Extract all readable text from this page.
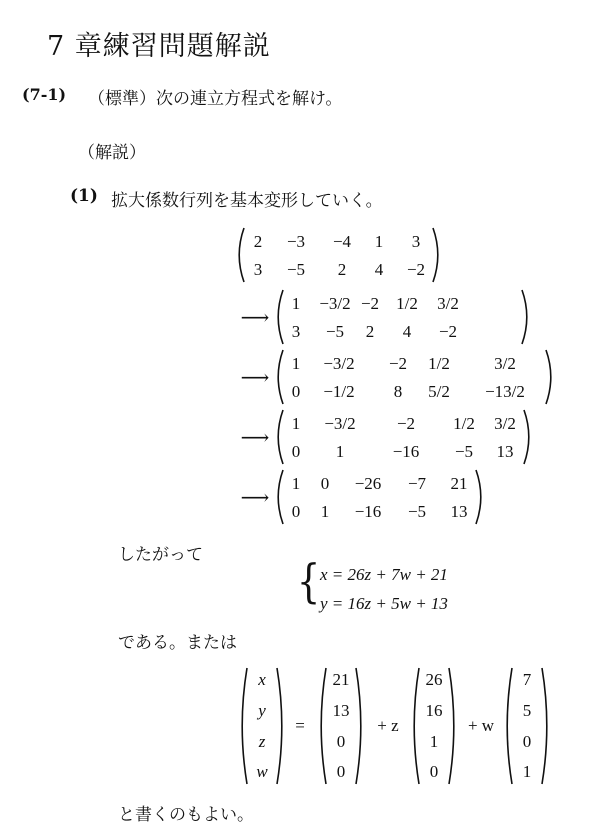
7 章練習問題解説
(7-1) （標準）次の連立方程式を解け。
（解説）
(1) 拡大係数行列を基本変形していく。
2 −3 −4 1 3
3 −5 2 4 −2
⟶
1 −3/2 −2 1/2 3/2
3 −5 2 4 −2
⟶
1 −3/2 −2 1/2	3/2
0 −1/2 8 5/2 −13/2
⟶
1 −3/2 −2 1/2 3/2
0 1	−16 −5 13
⟶
1 0 −26 −7 21
0 1 −16 −5 13
したがって { x = 26z + 7w + 21
y = 16z + 5w + 13
である。または
x
y
z
w
=
21
13
0
0
+ z
26
16
1
0
+ w
7
5
0
1
と書くのもよい。
